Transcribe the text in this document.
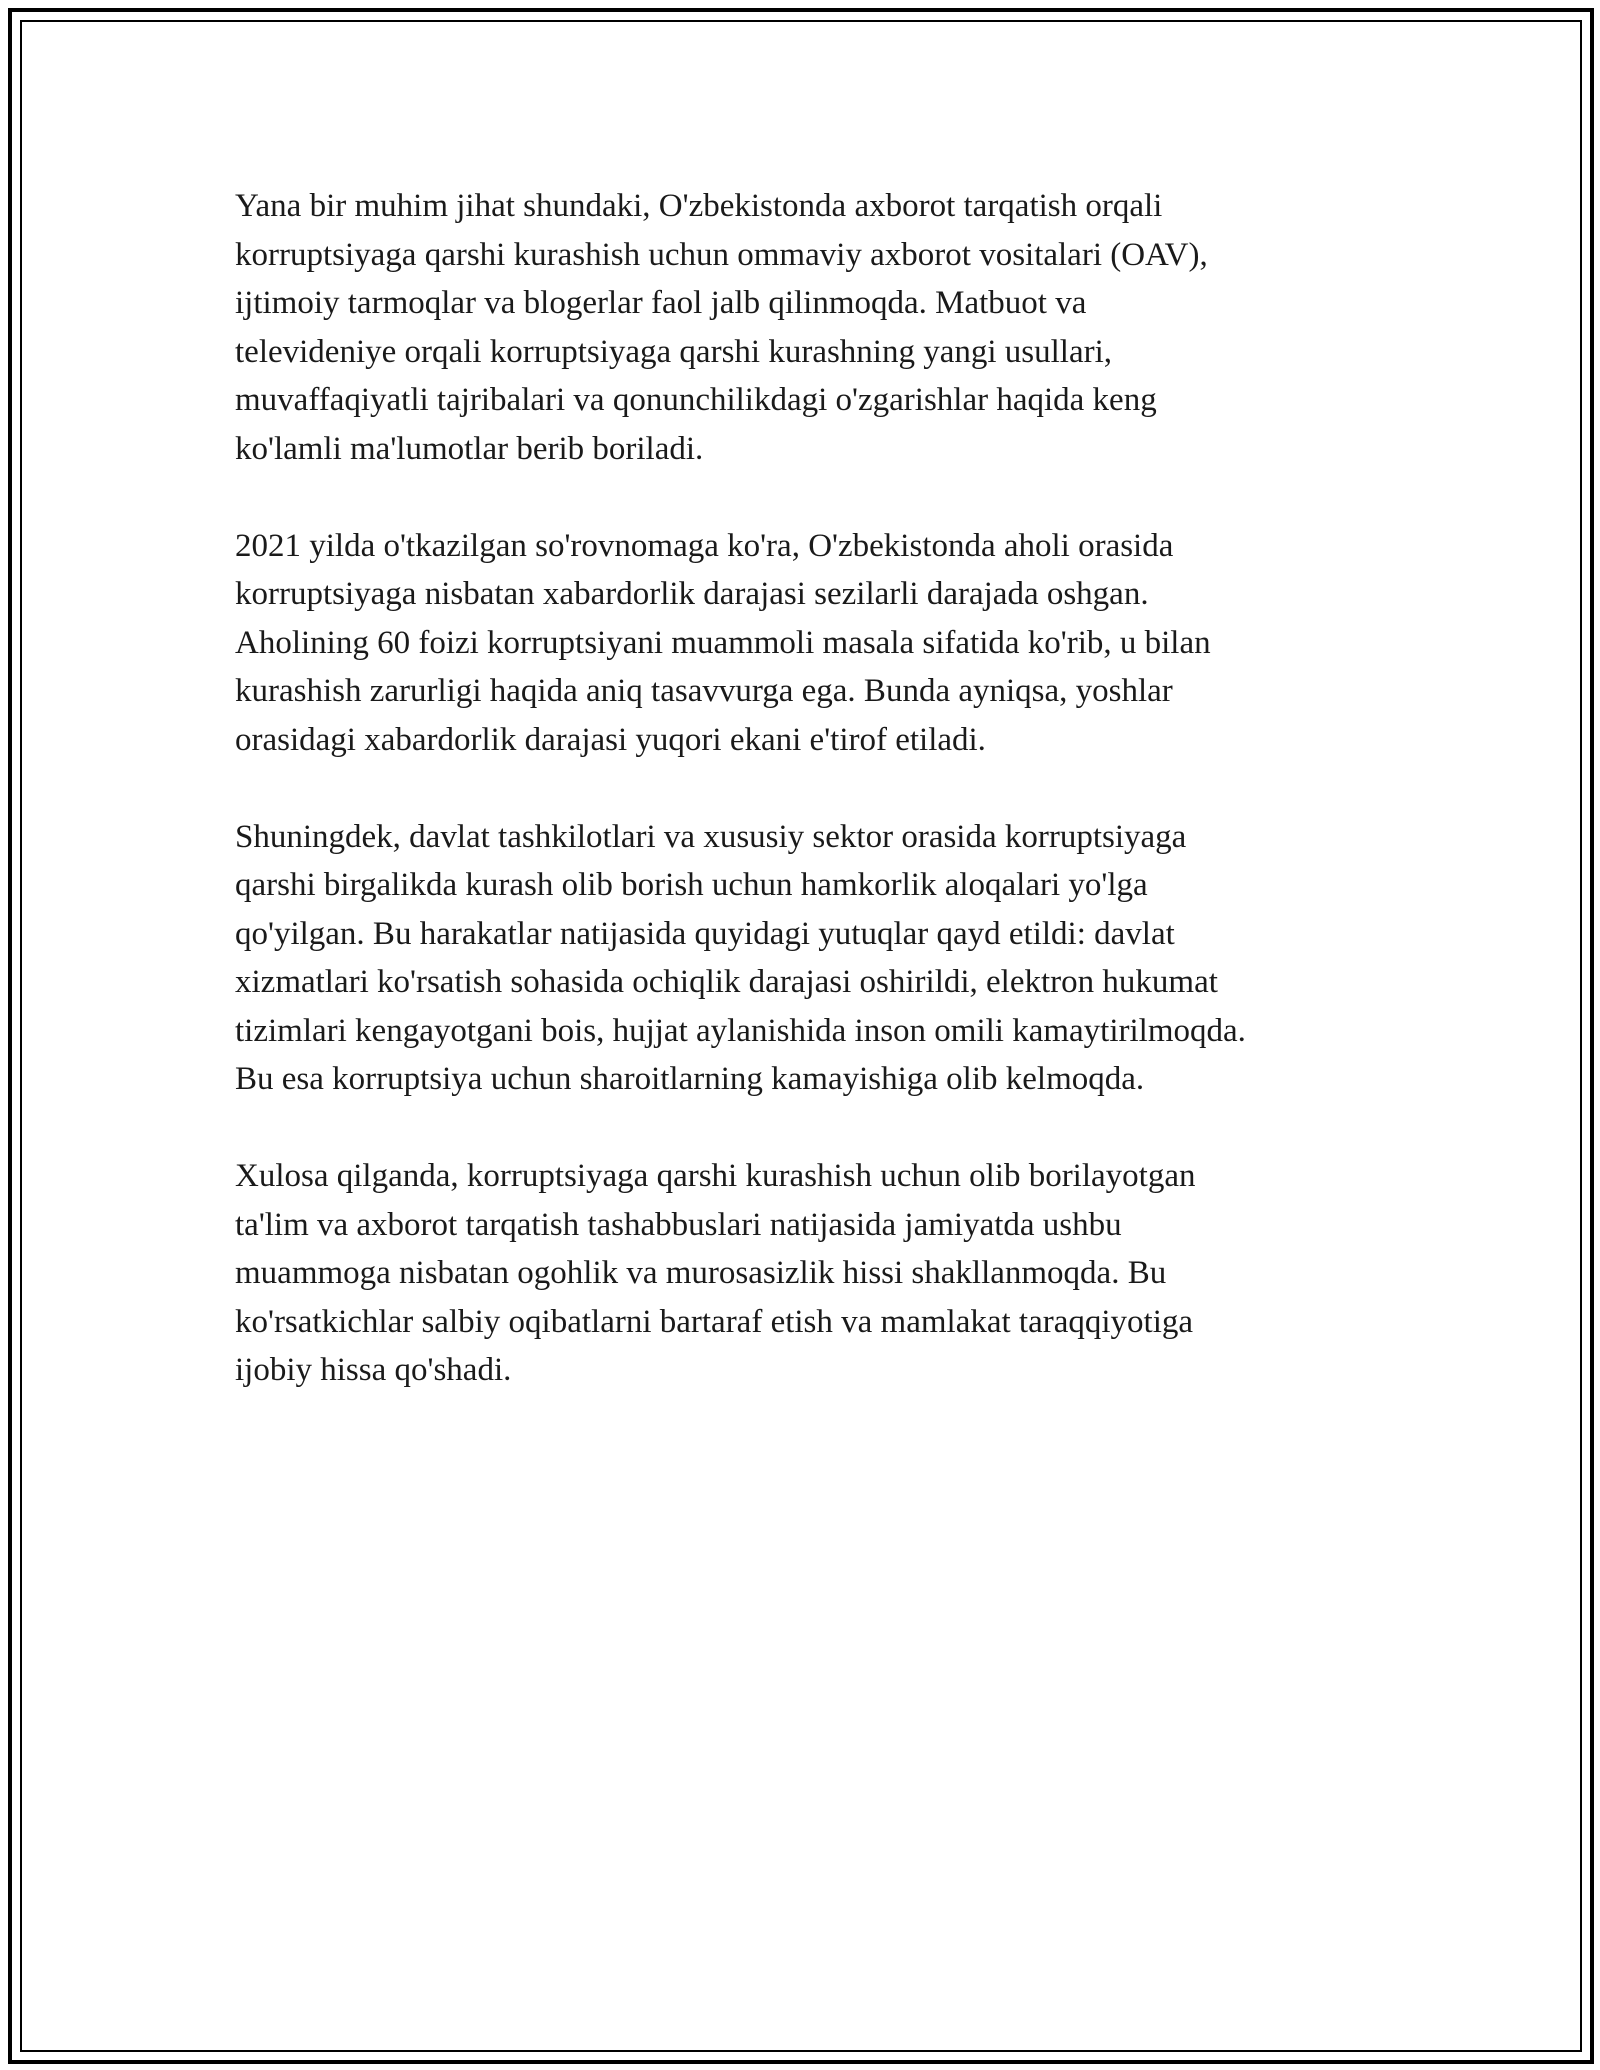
Yana bir muhim jihat shundaki, O'zbekistonda axborot tarqatish orqali
korruptsiyaga qarshi kurashish uchun ommaviy axborot vositalari (OAV),
ijtimoiy tarmoqlar va blogerlar faol jalb qilinmoqda. Matbuot va
televideniye orqali korruptsiyaga qarshi kurashning yangi usullari,
muvaffaqiyatli tajribalari va qonunchilikdagi o'zgarishlar haqida keng
ko'lamli ma'lumotlar berib boriladi.

2021 yilda o'tkazilgan so'rovnomaga ko'ra, O'zbekistonda aholi orasida
korruptsiyaga nisbatan xabardorlik darajasi sezilarli darajada oshgan.
Aholining 60 foizi korruptsiyani muammoli masala sifatida ko'rib, u bilan
kurashish zarurligi haqida aniq tasavvurga ega. Bunda ayniqsa, yoshlar
orasidagi xabardorlik darajasi yuqori ekani e'tirof etiladi.

Shuningdek, davlat tashkilotlari va xususiy sektor orasida korruptsiyaga
qarshi birgalikda kurash olib borish uchun hamkorlik aloqalari yo'lga
qo'yilgan. Bu harakatlar natijasida quyidagi yutuqlar qayd etildi: davlat
xizmatlari ko'rsatish sohasida ochiqlik darajasi oshirildi, elektron hukumat
tizimlari kengayotgani bois, hujjat aylanishida inson omili kamaytirilmoqda.
Bu esa korruptsiya uchun sharoitlarning kamayishiga olib kelmoqda.

Xulosa qilganda, korruptsiyaga qarshi kurashish uchun olib borilayotgan
ta'lim va axborot tarqatish tashabbuslari natijasida jamiyatda ushbu
muammoga nisbatan ogohlik va murosasizlik hissi shakllanmoqda. Bu
ko'rsatkichlar salbiy oqibatlarni bartaraf etish va mamlakat taraqqiyotiga
ijobiy hissa qo'shadi.
